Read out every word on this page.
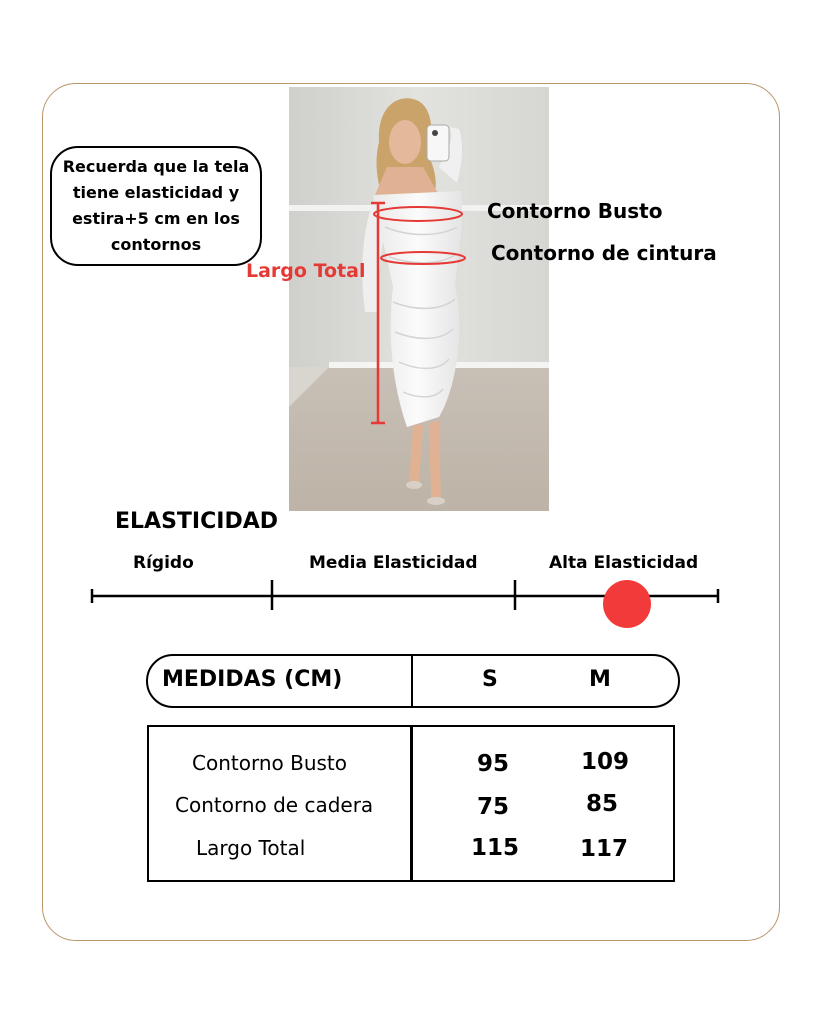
Recuerda que la tela tiene elasticidad y estira+5 cm en los contornos
Contorno Busto
Contorno de cintura
Largo Total
ELASTICIDAD
Rígido	Media Elasticidad	Alta Elasticidad
MEDIDAS (CM)	S	M
Contorno Busto	95	109
Contorno de cadera	75	85
Largo Total	115	117
